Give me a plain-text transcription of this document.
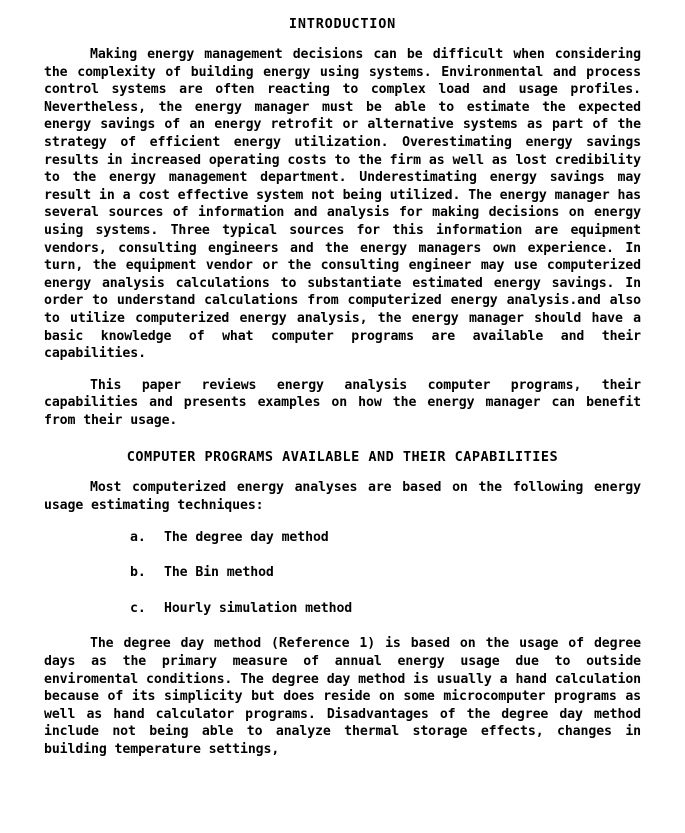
INTRODUCTION

Making energy management decisions can be difficult when considering the complexity of building energy using systems. Environmental and process control systems are often reacting to complex load and usage profiles. Nevertheless, the energy manager must be able to estimate the expected energy savings of an energy retrofit or alternative systems as part of the strategy of efficient energy utilization. Overestimating energy savings results in increased operating costs to the firm as well as lost credibility to the energy management department. Underestimating energy savings may result in a cost effective system not being utilized. The energy manager has several sources of information and analysis for making decisions on energy using systems. Three typical sources for this information are equipment vendors, consulting engineers and the energy managers own experience. In turn, the equipment vendor or the consulting engineer may use computerized energy analysis calculations to substantiate estimated energy savings. In order to understand calculations from computerized energy analysis.and also to utilize computerized energy analysis, the energy manager should have a basic knowledge of what computer programs are available and their capabilities.

This paper reviews energy analysis computer programs, their capabilities and presents examples on how the energy manager can benefit from their usage.

COMPUTER PROGRAMS AVAILABLE AND THEIR CAPABILITIES

Most computerized energy analyses are based on the following energy usage estimating techniques:

a. The degree day method
b. The Bin method
c. Hourly simulation method

The degree day method (Reference 1) is based on the usage of degree days as the primary measure of annual energy usage due to outside enviromental conditions. The degree day method is usually a hand calculation because of its simplicity but does reside on some microcomputer programs as well as hand calculator programs. Disadvantages of the degree day method include not being able to analyze thermal storage effects, changes in building temperature settings,
